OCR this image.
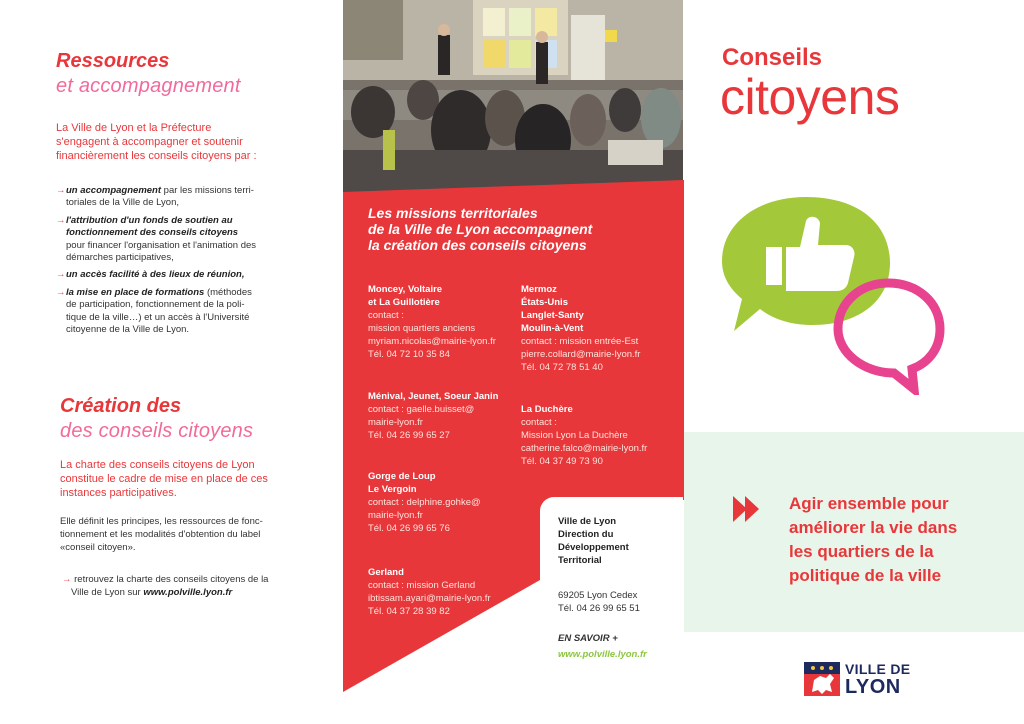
Ressources
et accompagnement
La Ville de Lyon et la Préfecture
s'engagent à accompagner et soutenir
financièrement les conseils citoyens par :
→ un accompagnement par les missions terri-
toriales de la Ville de Lyon,
→ l'attribution d'un fonds de soutien au
fonctionnement des conseils citoyens
pour financer l'organisation et l'animation des
démarches participatives,
→ un accès facilité à des lieux de réunion,
→ la mise en place de formations (méthodes
de participation, fonctionnement de la poli-
tique de la ville…) et un accès à l'Université
citoyenne de la Ville de Lyon.
Création des
des conseils citoyens
La charte des conseils citoyens de Lyon
constitue le cadre de mise en place de ces
instances participatives.
Elle définit les principes, les ressources de fonc-
tionnement et les modalités d'obtention du label
«conseil citoyen».
→ retrouvez la charte des conseils citoyens de la
Ville de Lyon sur www.polville.lyon.fr
Les missions territoriales
de la Ville de Lyon accompagnent
la création des conseils citoyens
Moncey, Voltaire
et La Guillotière
contact :
mission quartiers anciens
myriam.nicolas@mairie-lyon.fr
Tél. 04 72 10 35 84
Ménival, Jeunet, Soeur Janin
contact : gaelle.buisset@
mairie-lyon.fr
Tél. 04 26 99 65 27
Gorge de Loup
Le Vergoin
contact : delphine.gohke@
mairie-lyon.fr
Tél. 04 26 99 65 76
Gerland
contact : mission Gerland
ibtissam.ayari@mairie-lyon.fr
Tél. 04 37 28 39 82
Mermoz
États-Unis
Langlet-Santy
Moulin-à-Vent
contact : mission entrée-Est
pierre.collard@mairie-lyon.fr
Tél. 04 72 78 51 40
La Duchère
contact :
Mission Lyon La Duchère
catherine.falco@mairie-lyon.fr
Tél. 04 37 49 73 90
Ville de Lyon
Direction du
Développement
Territorial
69205 Lyon Cedex
Tél. 04 26 99 65 51
EN SAVOIR +
www.polville.lyon.fr
Conseils
citoyens
Agir ensemble pour
améliorer la vie dans
les quartiers de la
politique de la ville
VILLE DE
LYON
